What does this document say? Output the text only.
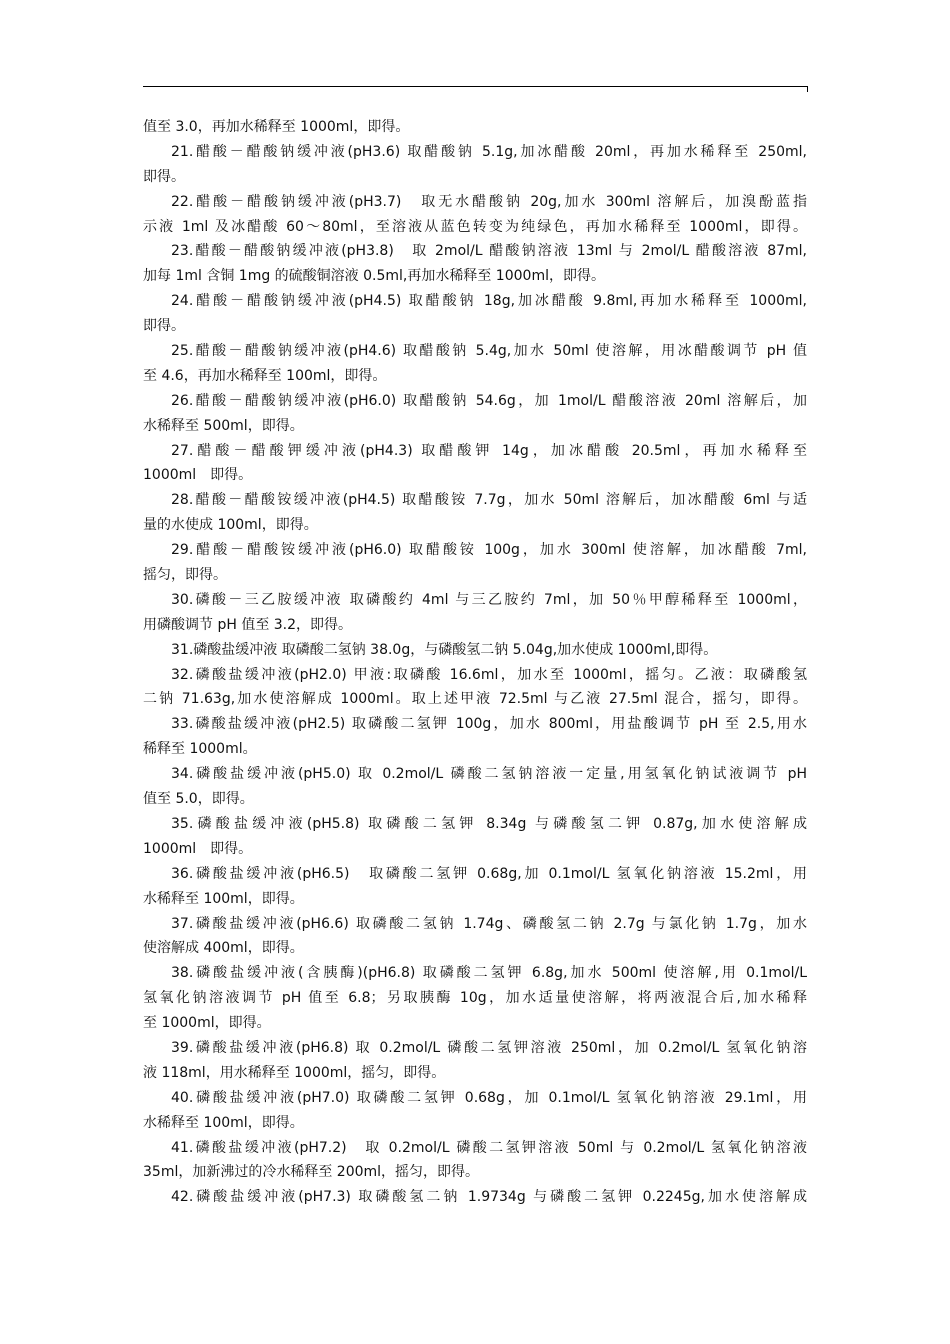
值至 3.0，再加水稀释至 1000ml，即得。
21.醋酸－醋酸钠缓冲液(pH3.6) 取醋酸钠 5.1g,加冰醋酸 20ml，再加水稀释至 250ml,
即得。
22.醋酸－醋酸钠缓冲液(pH3.7)　取无水醋酸钠 20g,加水 300ml 溶解后，加溴酚蓝指
示液 1ml 及冰醋酸 60～80ml，至溶液从蓝色转变为纯绿色，再加水稀释至 1000ml，即得。
23.醋酸－醋酸钠缓冲液(pH3.8)　取 2mol/L 醋酸钠溶液 13ml 与 2mol/L 醋酸溶液 87ml,
加每 1ml 含铜 1mg 的硫酸铜溶液 0.5ml,再加水稀释至 1000ml，即得。
24.醋酸－醋酸钠缓冲液(pH4.5) 取醋酸钠 18g,加冰醋酸 9.8ml,再加水稀释至 1000ml,
即得。
25.醋酸－醋酸钠缓冲液(pH4.6) 取醋酸钠 5.4g,加水 50ml 使溶解，用冰醋酸调节 pH 值
至 4.6，再加水稀释至 100ml，即得。
26.醋酸－醋酸钠缓冲液(pH6.0) 取醋酸钠 54.6g，加 1mol/L 醋酸溶液 20ml 溶解后，加
水稀释至 500ml，即得。
27.醋酸－醋酸钾缓冲液(pH4.3) 取醋酸钾 14g，加冰醋酸 20.5ml，再加水稀释至
1000ml　即得。
28.醋酸－醋酸铵缓冲液(pH4.5) 取醋酸铵 7.7g，加水 50ml 溶解后，加冰醋酸 6ml 与适
量的水使成 100ml，即得。
29.醋酸－醋酸铵缓冲液(pH6.0) 取醋酸铵 100g，加水 300ml 使溶解，加冰醋酸 7ml,
摇匀，即得。
30.磷酸－三乙胺缓冲液 取磷酸约 4ml 与三乙胺约 7ml，加 50％甲醇稀释至 1000ml，
用磷酸调节 pH 值至 3.2，即得。
31.磷酸盐缓冲液 取磷酸二氢钠 38.0g，与磷酸氢二钠 5.04g,加水使成 1000ml,即得。
32.磷酸盐缓冲液(pH2.0) 甲液:取磷酸 16.6ml，加水至 1000ml，摇匀。乙液：取磷酸氢
二钠 71.63g,加水使溶解成 1000ml。取上述甲液 72.5ml 与乙液 27.5ml 混合，摇匀，即得。
33.磷酸盐缓冲液(pH2.5) 取磷酸二氢钾 100g，加水 800ml，用盐酸调节 pH 至 2.5,用水
稀释至 1000ml。
34.磷酸盐缓冲液(pH5.0) 取 0.2mol/L 磷酸二氢钠溶液一定量,用氢氧化钠试液调节 pH
值至 5.0，即得。
35.磷酸盐缓冲液(pH5.8) 取磷酸二氢钾 8.34g 与磷酸氢二钾 0.87g,加水使溶解成
1000ml　即得。
36.磷酸盐缓冲液(pH6.5)　取磷酸二氢钾 0.68g,加 0.1mol/L 氢氧化钠溶液 15.2ml，用
水稀释至 100ml，即得。
37.磷酸盐缓冲液(pH6.6) 取磷酸二氢钠 1.74g、磷酸氢二钠 2.7g 与氯化钠 1.7g，加水
使溶解成 400ml，即得。
38.磷酸盐缓冲液(含胰酶)(pH6.8) 取磷酸二氢钾 6.8g,加水 500ml 使溶解,用 0.1mol/L
氢氧化钠溶液调节 pH 值至 6.8；另取胰酶 10g，加水适量使溶解，将两液混合后,加水稀释
至 1000ml，即得。
39.磷酸盐缓冲液(pH6.8) 取 0.2mol/L 磷酸二氢钾溶液 250ml，加 0.2mol/L 氢氧化钠溶
液 118ml，用水稀释至 1000ml，摇匀，即得。
40.磷酸盐缓冲液(pH7.0) 取磷酸二氢钾 0.68g，加 0.1mol/L 氢氧化钠溶液 29.1ml，用
水稀释至 100ml，即得。
41.磷酸盐缓冲液(pH7.2)　取 0.2mol/L 磷酸二氢钾溶液 50ml 与 0.2mol/L 氢氧化钠溶液
35ml，加新沸过的冷水稀释至 200ml，摇匀，即得。
42.磷酸盐缓冲液(pH7.3) 取磷酸氢二钠 1.9734g 与磷酸二氢钾 0.2245g,加水使溶解成
